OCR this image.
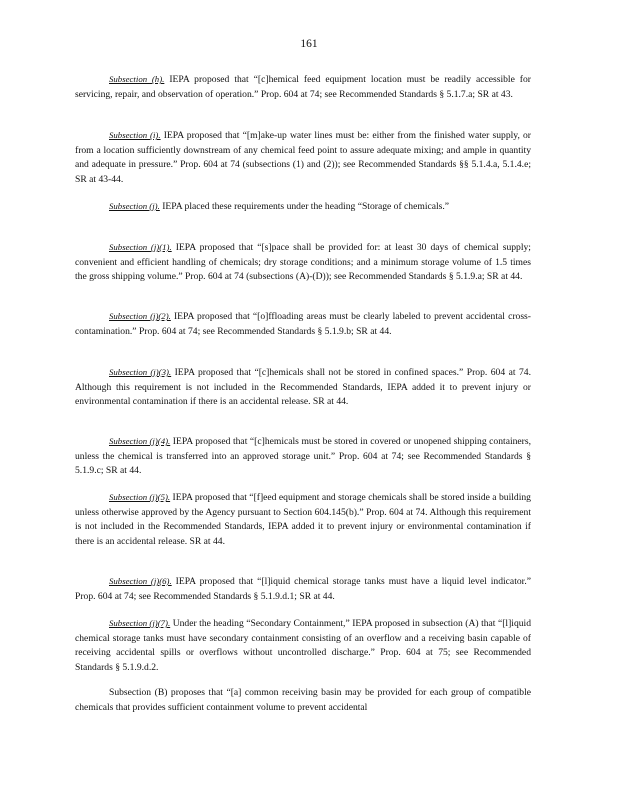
161

Subsection (h). IEPA proposed that “[c]hemical feed equipment location must be readily accessible for servicing, repair, and observation of operation.” Prop. 604 at 74; see Recommended Standards § 5.1.7.a; SR at 43.

Subsection (i). IEPA proposed that “[m]ake-up water lines must be: either from the finished water supply, or from a location sufficiently downstream of any chemical feed point to assure adequate mixing; and ample in quantity and adequate in pressure.” Prop. 604 at 74 (subsections (1) and (2)); see Recommended Standards §§ 5.1.4.a, 5.1.4.e; SR at 43-44.

Subsection (j). IEPA placed these requirements under the heading “Storage of chemicals.”

Subsection (j)(1). IEPA proposed that “[s]pace shall be provided for: at least 30 days of chemical supply; convenient and efficient handling of chemicals; dry storage conditions; and a minimum storage volume of 1.5 times the gross shipping volume.” Prop. 604 at 74 (subsections (A)-(D)); see Recommended Standards § 5.1.9.a; SR at 44.

Subsection (j)(2). IEPA proposed that “[o]ffloading areas must be clearly labeled to prevent accidental cross-contamination.” Prop. 604 at 74; see Recommended Standards § 5.1.9.b; SR at 44.

Subsection (j)(3). IEPA proposed that “[c]hemicals shall not be stored in confined spaces.” Prop. 604 at 74. Although this requirement is not included in the Recommended Standards, IEPA added it to prevent injury or environmental contamination if there is an accidental release. SR at 44.

Subsection (j)(4). IEPA proposed that “[c]hemicals must be stored in covered or unopened shipping containers, unless the chemical is transferred into an approved storage unit.” Prop. 604 at 74; see Recommended Standards § 5.1.9.c; SR at 44.

Subsection (j)(5). IEPA proposed that “[f]eed equipment and storage chemicals shall be stored inside a building unless otherwise approved by the Agency pursuant to Section 604.145(b).” Prop. 604 at 74. Although this requirement is not included in the Recommended Standards, IEPA added it to prevent injury or environmental contamination if there is an accidental release. SR at 44.

Subsection (j)(6). IEPA proposed that “[l]iquid chemical storage tanks must have a liquid level indicator.” Prop. 604 at 74; see Recommended Standards § 5.1.9.d.1; SR at 44.

Subsection (j)(7). Under the heading “Secondary Containment,” IEPA proposed in subsection (A) that “[l]iquid chemical storage tanks must have secondary containment consisting of an overflow and a receiving basin capable of receiving accidental spills or overflows without uncontrolled discharge.” Prop. 604 at 75; see Recommended Standards § 5.1.9.d.2.

Subsection (B) proposes that “[a] common receiving basin may be provided for each group of compatible chemicals that provides sufficient containment volume to prevent accidental
